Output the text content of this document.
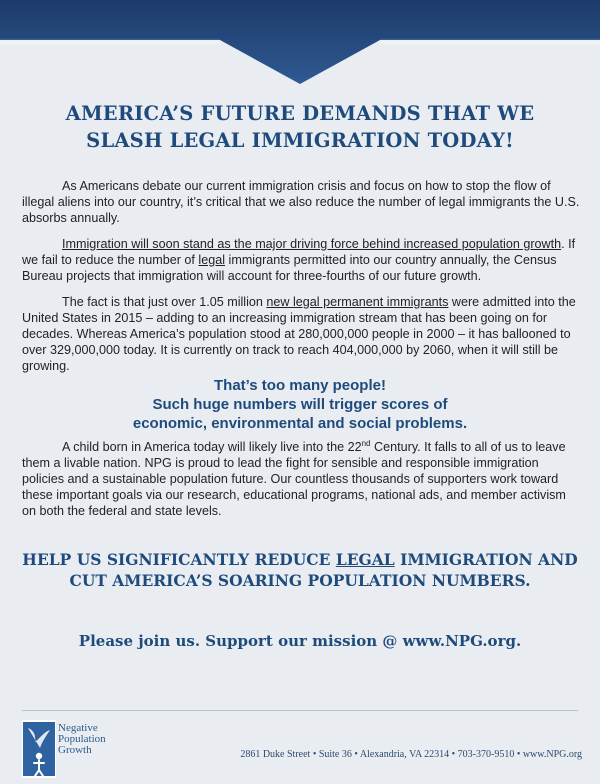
AMERICA’S FUTURE DEMANDS THAT WE
SLASH LEGAL IMMIGRATION TODAY!

As Americans debate our current immigration crisis and focus on how to stop the flow of illegal aliens into our country, it’s critical that we also reduce the number of legal immigrants the U.S. absorbs annually.

Immigration will soon stand as the major driving force behind increased population growth. If we fail to reduce the number of legal immigrants permitted into our country annually, the Census Bureau projects that immigration will account for three-fourths of our future growth.

The fact is that just over 1.05 million new legal permanent immigrants were admitted into the United States in 2015 – adding to an increasing immigration stream that has been going on for decades. Whereas America’s population stood at 280,000,000 people in 2000 – it has ballooned to over 329,000,000 today. It is currently on track to reach 404,000,000 by 2060, when it will still be growing.

That’s too many people!
Such huge numbers will trigger scores of
economic, environmental and social problems.

A child born in America today will likely live into the 22nd Century. It falls to all of us to leave them a livable nation. NPG is proud to lead the fight for sensible and responsible immigration policies and a sustainable population future. Our countless thousands of supporters work toward these important goals via our research, educational programs, national ads, and member activism on both the federal and state levels.

HELP US SIGNIFICANTLY REDUCE LEGAL IMMIGRATION AND
CUT AMERICA’S SOARING POPULATION NUMBERS.
Please join us. Support our mission @ www.NPG.org.
Negative
Population
Growth	2861 Duke Street • Suite 36 • Alexandria, VA 22314 • 703-370-9510 • www.NPG.org
